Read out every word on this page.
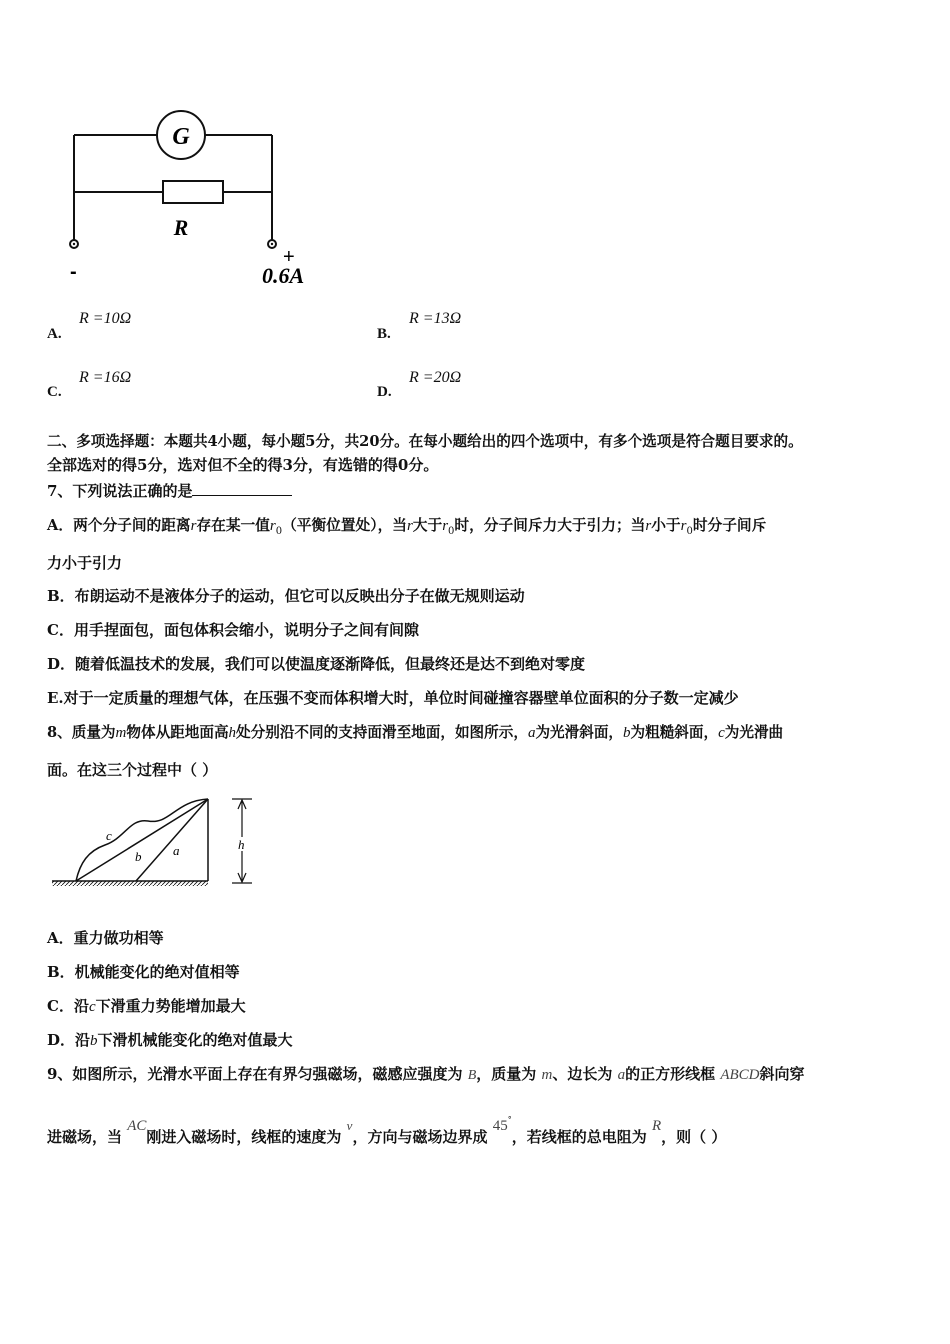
G
R
-
+
0.6A
A.
R =10Ω
B.
R =13Ω
C.
R =16Ω
D.
R =20Ω
二、多项选择题：本题共4小题，每小题5分，共20分。在每小题给出的四个选项中，有多个选项是符合题目要求的。
全部选对的得5分，选对但不全的得3分，有选错的得0分。
7、下列说法正确的是
A．两个分子间的距离r存在某一值$r_0$（平衡位置处），当r大于$r_0$时，分子间斥力大于引力；当r小于$r_0$时分子间斥
力小于引力
B．布朗运动不是液体分子的运动，但它可以反映出分子在做无规则运动
C．用手捏面包，面包体积会缩小，说明分子之间有间隙
D．随着低温技术的发展，我们可以使温度逐渐降低，但最终还是达不到绝对零度
E.对于一定质量的理想气体，在压强不变而体积增大时，单位时间碰撞容器壁单位面积的分子数一定减少
8、质量为m物体从距地面高h处分别沿不同的支持面滑至地面，如图所示，a为光滑斜面，b为粗糙斜面，c为光滑曲
面。在这三个过程中（ ）
c
b a	h
A．重力做功相等
B．机械能变化的绝对值相等
C．沿c下滑重力势能增加最大
D．沿b下滑机械能变化的绝对值最大
9、如图所示，光滑水平面上存在有界匀强磁场，磁感应强度为 B，质量为 m、边长为 a的正方形线框 ABCD斜向穿
进磁场，当 AC刚进入磁场时，线框的速度为 v，方向与磁场边界成 45°，若线框的总电阻为 R，则（ ）
